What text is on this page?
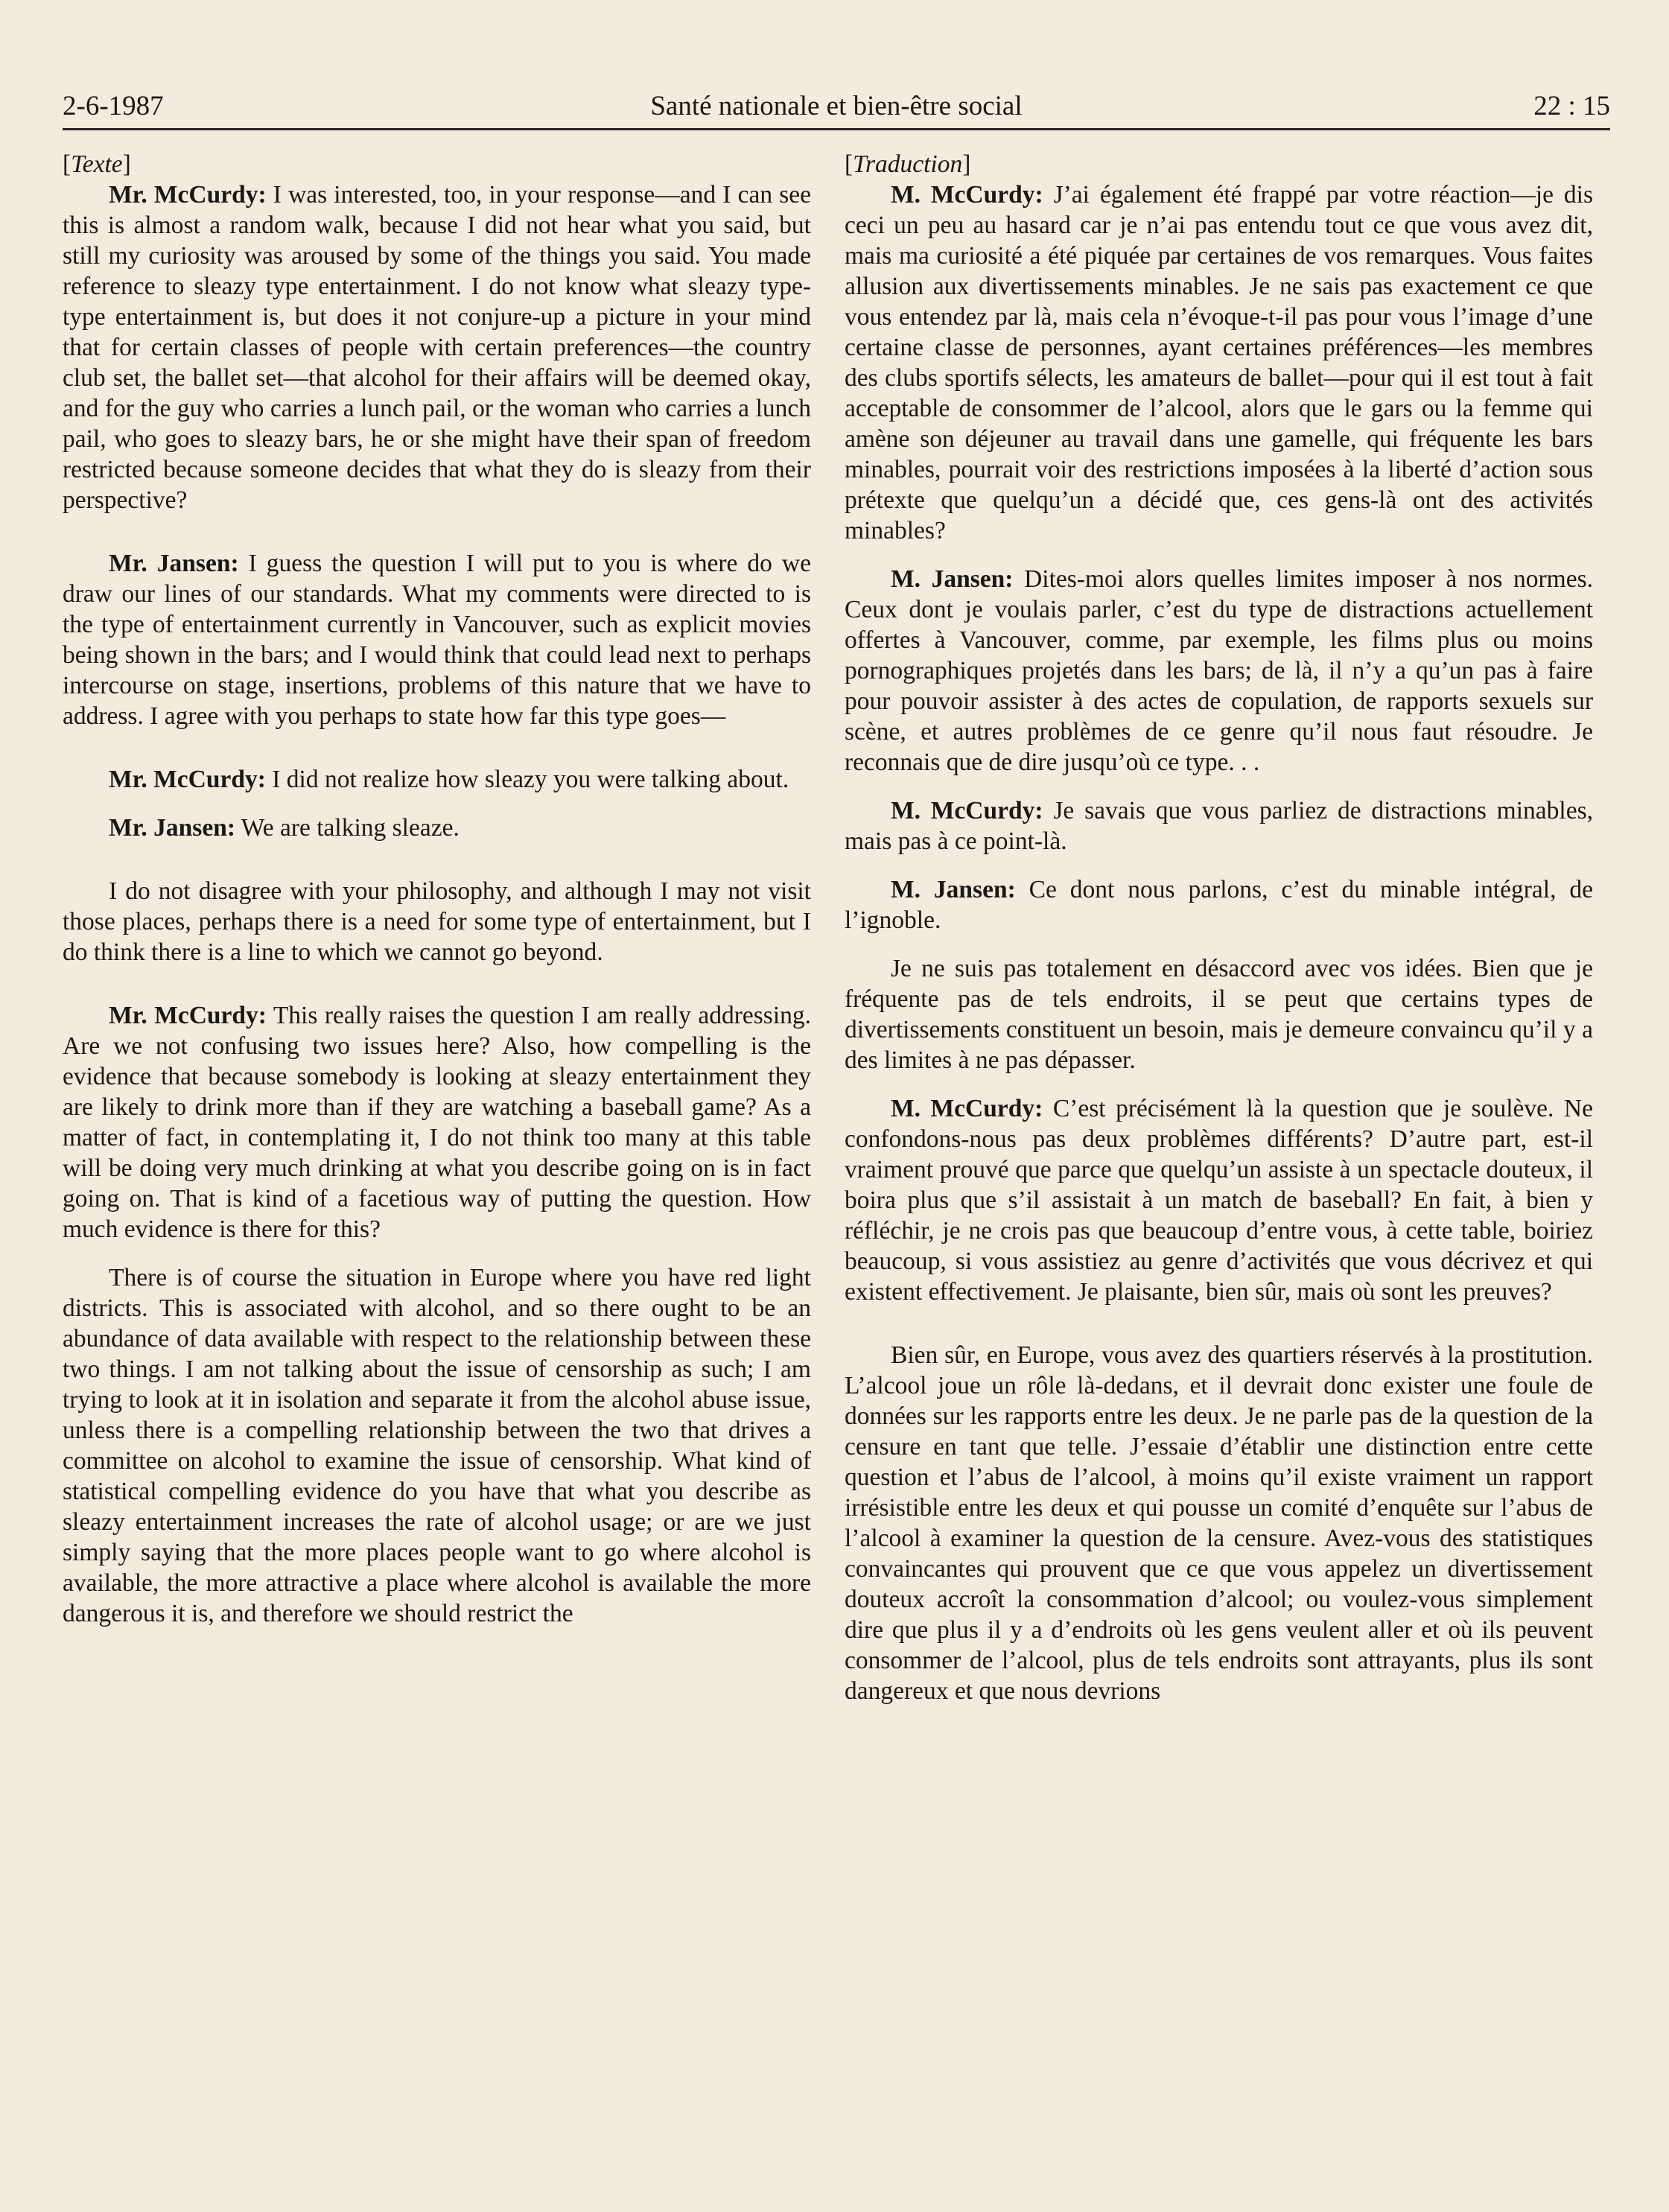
2-6-1987	Santé nationale et bien-être social	22 : 15
[Texte]

Mr. McCurdy: I was interested, too, in your response—and I can see this is almost a random walk, because I did not hear what you said, but still my curiosity was aroused by some of the things you said. You made reference to sleazy type entertainment. I do not know what sleazy type-type entertainment is, but does it not conjure-up a picture in your mind that for certain classes of people with certain preferences—the country club set, the ballet set—that alcohol for their affairs will be deemed okay, and for the guy who carries a lunch pail, or the woman who carries a lunch pail, who goes to sleazy bars, he or she might have their span of freedom restricted because someone decides that what they do is sleazy from their perspective?

Mr. Jansen: I guess the question I will put to you is where do we draw our lines of our standards. What my comments were directed to is the type of entertainment currently in Vancouver, such as explicit movies being shown in the bars; and I would think that could lead next to perhaps intercourse on stage, insertions, problems of this nature that we have to address. I agree with you perhaps to state how far this type goes—

Mr. McCurdy: I did not realize how sleazy you were talking about.

Mr. Jansen: We are talking sleaze.

I do not disagree with your philosophy, and although I may not visit those places, perhaps there is a need for some type of entertainment, but I do think there is a line to which we cannot go beyond.

Mr. McCurdy: This really raises the question I am really addressing. Are we not confusing two issues here? Also, how compelling is the evidence that because somebody is looking at sleazy entertainment they are likely to drink more than if they are watching a baseball game? As a matter of fact, in contemplating it, I do not think too many at this table will be doing very much drinking at what you describe going on is in fact going on. That is kind of a facetious way of putting the question. How much evidence is there for this?

There is of course the situation in Europe where you have red light districts. This is associated with alcohol, and so there ought to be an abundance of data available with respect to the relationship between these two things. I am not talking about the issue of censorship as such; I am trying to look at it in isolation and separate it from the alcohol abuse issue, unless there is a compelling relationship between the two that drives a committee on alcohol to examine the issue of censorship. What kind of statistical compelling evidence do you have that what you describe as sleazy entertainment increases the rate of alcohol usage; or are we just simply saying that the more places people want to go where alcohol is available, the more attractive a place where alcohol is available the more dangerous it is, and therefore we should restrict the

[Traduction]

M. McCurdy: J’ai également été frappé par votre réaction—je dis ceci un peu au hasard car je n’ai pas entendu tout ce que vous avez dit, mais ma curiosité a été piquée par certaines de vos remarques. Vous faites allusion aux divertissements minables. Je ne sais pas exactement ce que vous entendez par là, mais cela n’évoque-t-il pas pour vous l’image d’une certaine classe de personnes, ayant certaines préférences—les membres des clubs sportifs sélects, les amateurs de ballet—pour qui il est tout à fait acceptable de consommer de l’alcool, alors que le gars ou la femme qui amène son déjeuner au travail dans une gamelle, qui fréquente les bars minables, pourrait voir des restrictions imposées à la liberté d’action sous prétexte que quelqu’un a décidé que, ces gens-là ont des activités minables?

M. Jansen: Dites-moi alors quelles limites imposer à nos normes. Ceux dont je voulais parler, c’est du type de distractions actuellement offertes à Vancouver, comme, par exemple, les films plus ou moins pornographiques projetés dans les bars; de là, il n’y a qu’un pas à faire pour pouvoir assister à des actes de copulation, de rapports sexuels sur scène, et autres problèmes de ce genre qu’il nous faut résoudre. Je reconnais que de dire jusqu’où ce type. . .

M. McCurdy: Je savais que vous parliez de distractions minables, mais pas à ce point-là.

M. Jansen: Ce dont nous parlons, c’est du minable intégral, de l’ignoble.

Je ne suis pas totalement en désaccord avec vos idées. Bien que je fréquente pas de tels endroits, il se peut que certains types de divertissements constituent un besoin, mais je demeure convaincu qu’il y a des limites à ne pas dépasser.

M. McCurdy: C’est précisément là la question que je soulève. Ne confondons-nous pas deux problèmes différents? D’autre part, est-il vraiment prouvé que parce que quelqu’un assiste à un spectacle douteux, il boira plus que s’il assistait à un match de baseball? En fait, à bien y réfléchir, je ne crois pas que beaucoup d’entre vous, à cette table, boiriez beaucoup, si vous assistiez au genre d’activités que vous décrivez et qui existent effectivement. Je plaisante, bien sûr, mais où sont les preuves?

Bien sûr, en Europe, vous avez des quartiers réservés à la prostitution. L’alcool joue un rôle là-dedans, et il devrait donc exister une foule de données sur les rapports entre les deux. Je ne parle pas de la question de la censure en tant que telle. J’essaie d’établir une distinction entre cette question et l’abus de l’alcool, à moins qu’il existe vraiment un rapport irrésistible entre les deux et qui pousse un comité d’enquête sur l’abus de l’alcool à examiner la question de la censure. Avez-vous des statistiques convaincantes qui prouvent que ce que vous appelez un divertissement douteux accroît la consommation d’alcool; ou voulez-vous simplement dire que plus il y a d’endroits où les gens veulent aller et où ils peuvent consommer de l’alcool, plus de tels endroits sont attrayants, plus ils sont dangereux et que nous devrions
